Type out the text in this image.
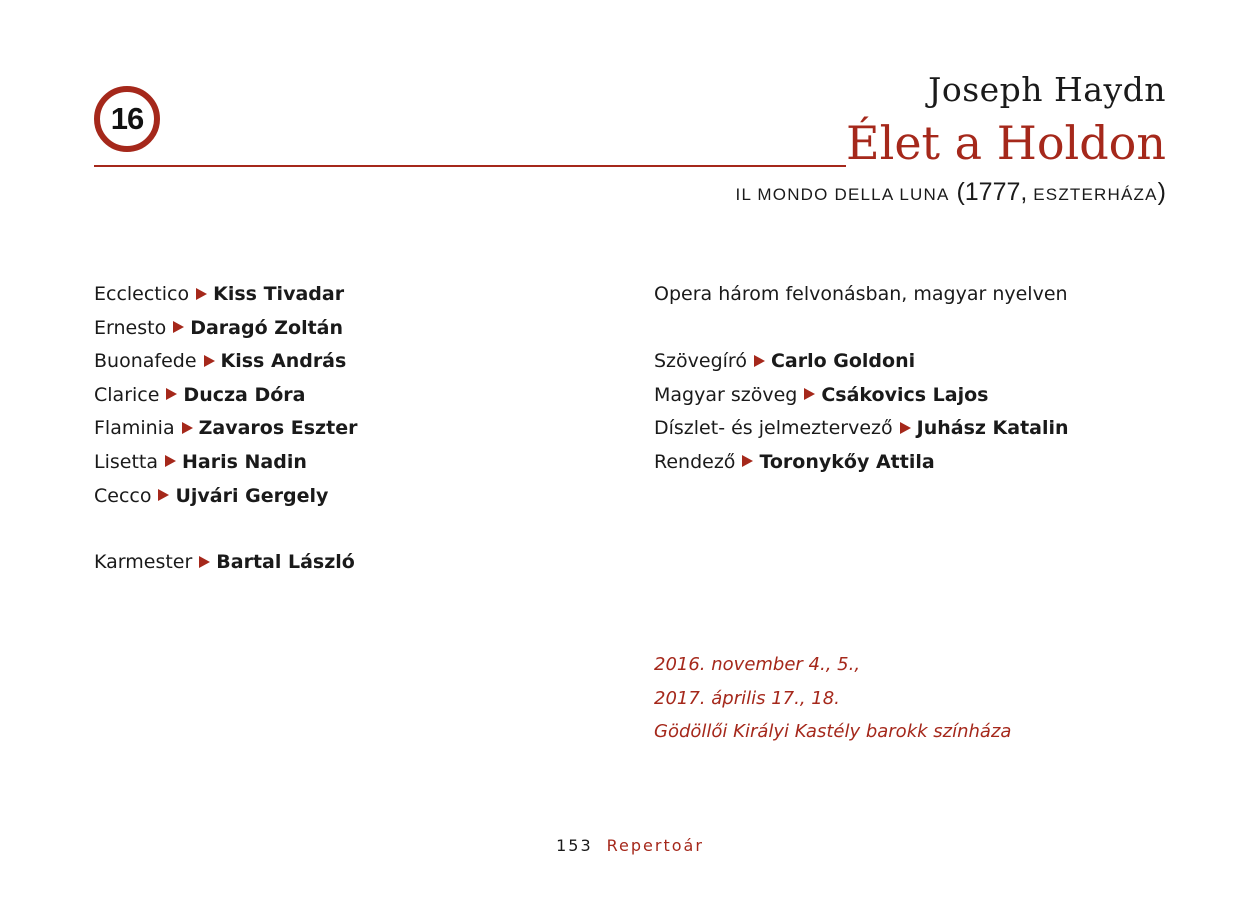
16
Joseph Haydn
Élet a Holdon
IL MONDO DELLA LUNA (1777, ESZTERHÁZA)
Ecclectico Kiss Tivadar
Ernesto Daragó Zoltán
Buonafede Kiss András
Clarice Ducza Dóra
Flaminia Zavaros Eszter
Lisetta Haris Nadin
Cecco Ujvári Gergely
Karmester Bartal László
Opera három felvonásban, magyar nyelven
Szövegíró Carlo Goldoni
Magyar szöveg Csákovics Lajos
Díszlet- és jelmeztervező Juhász Katalin
Rendező Toronykőy Attila
2016. november 4., 5.,
2017. április 17., 18.
Gödöllői Királyi Kastély barokk színháza
153 Repertoár
